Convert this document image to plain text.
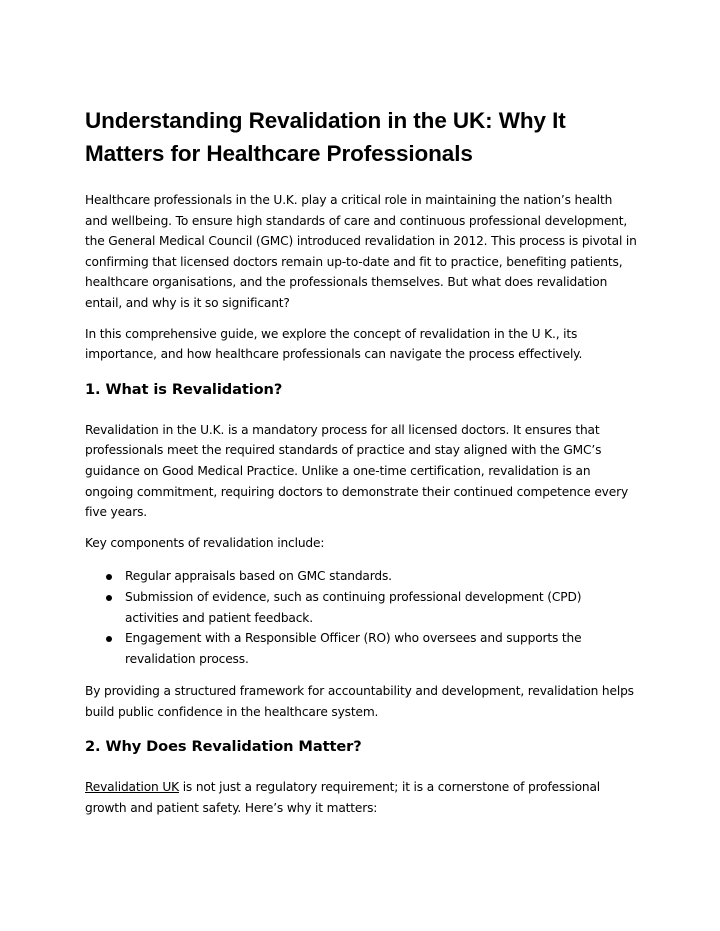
Understanding Revalidation in the UK: Why It Matters for Healthcare Professionals

Healthcare professionals in the U.K. play a critical role in maintaining the nation’s health and wellbeing. To ensure high standards of care and continuous professional development, the General Medical Council (GMC) introduced revalidation in 2012. This process is pivotal in confirming that licensed doctors remain up-to-date and fit to practice, benefiting patients, healthcare organisations, and the professionals themselves. But what does revalidation entail, and why is it so significant?

In this comprehensive guide, we explore the concept of revalidation in the U K., its importance, and how healthcare professionals can navigate the process effectively.

1. What is Revalidation?

Revalidation in the U.K. is a mandatory process for all licensed doctors. It ensures that professionals meet the required standards of practice and stay aligned with the GMC’s guidance on Good Medical Practice. Unlike a one-time certification, revalidation is an ongoing commitment, requiring doctors to demonstrate their continued competence every five years.

Key components of revalidation include:

Regular appraisals based on GMC standards.
Submission of evidence, such as continuing professional development (CPD) activities and patient feedback.
Engagement with a Responsible Officer (RO) who oversees and supports the revalidation process.

By providing a structured framework for accountability and development, revalidation helps build public confidence in the healthcare system.

2. Why Does Revalidation Matter?

Revalidation UK is not just a regulatory requirement; it is a cornerstone of professional growth and patient safety. Here’s why it matters:
